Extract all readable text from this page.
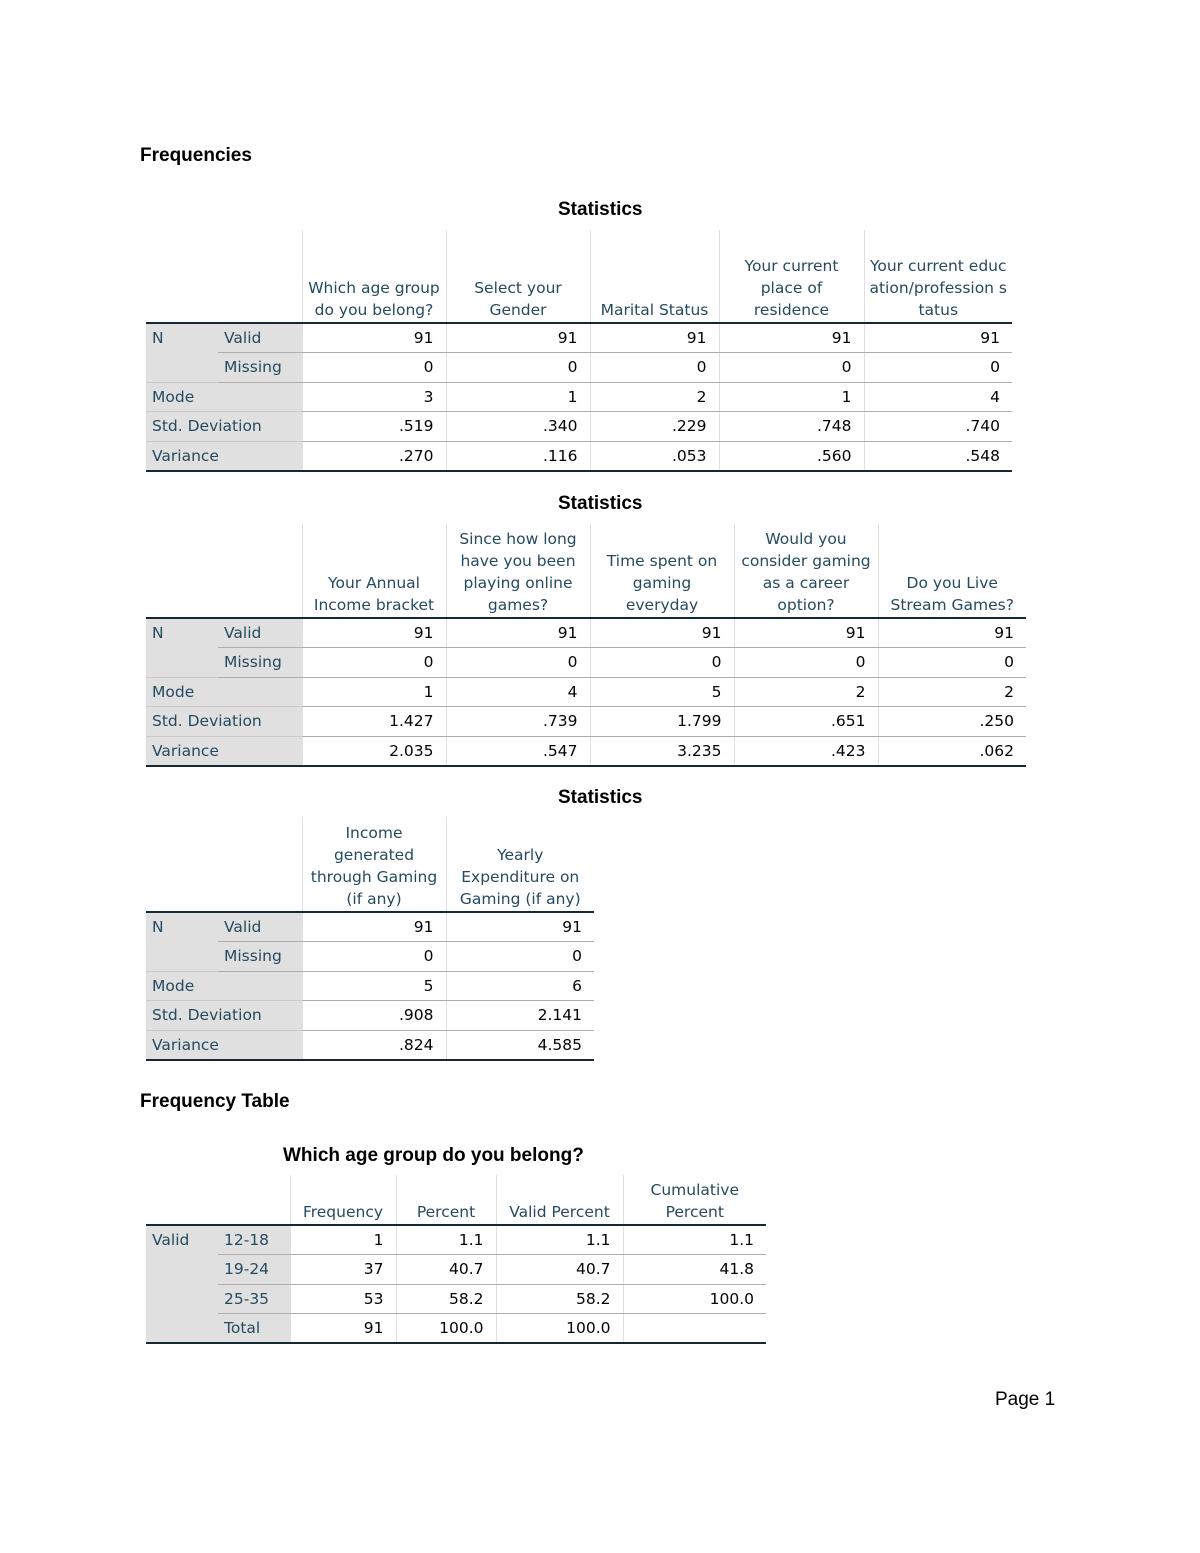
Frequencies
Statistics
		Which age group do you belong?	Select your Gender	Marital Status	Your current place of residence	Your current education/profession status
N	Valid	91	91	91	91	91
	Missing	0	0	0	0	0
Mode		3	1	2	1	4
Std. Deviation		.519	.340	.229	.748	.740
Variance		.270	.116	.053	.560	.548
Statistics
		Your Annual Income bracket	Since how long have you been playing online games?	Time spent on gaming everyday	Would you consider gaming as a career option?	Do you Live Stream Games?
N	Valid	91	91	91	91	91
	Missing	0	0	0	0	0
Mode		1	4	5	2	2
Std. Deviation		1.427	.739	1.799	.651	.250
Variance		2.035	.547	3.235	.423	.062
Statistics
		Income generated through Gaming (if any)	Yearly Expenditure on Gaming (if any)
N	Valid	91	91
	Missing	0	0
Mode		5	6
Std. Deviation		.908	2.141
Variance		.824	4.585
Frequency Table
Which age group do you belong?
		Frequency	Percent	Valid Percent	Cumulative Percent
Valid	12-18	1	1.1	1.1	1.1
	19-24	37	40.7	40.7	41.8
	25-35	53	58.2	58.2	100.0
	Total	91	100.0	100.0	
Page 1
